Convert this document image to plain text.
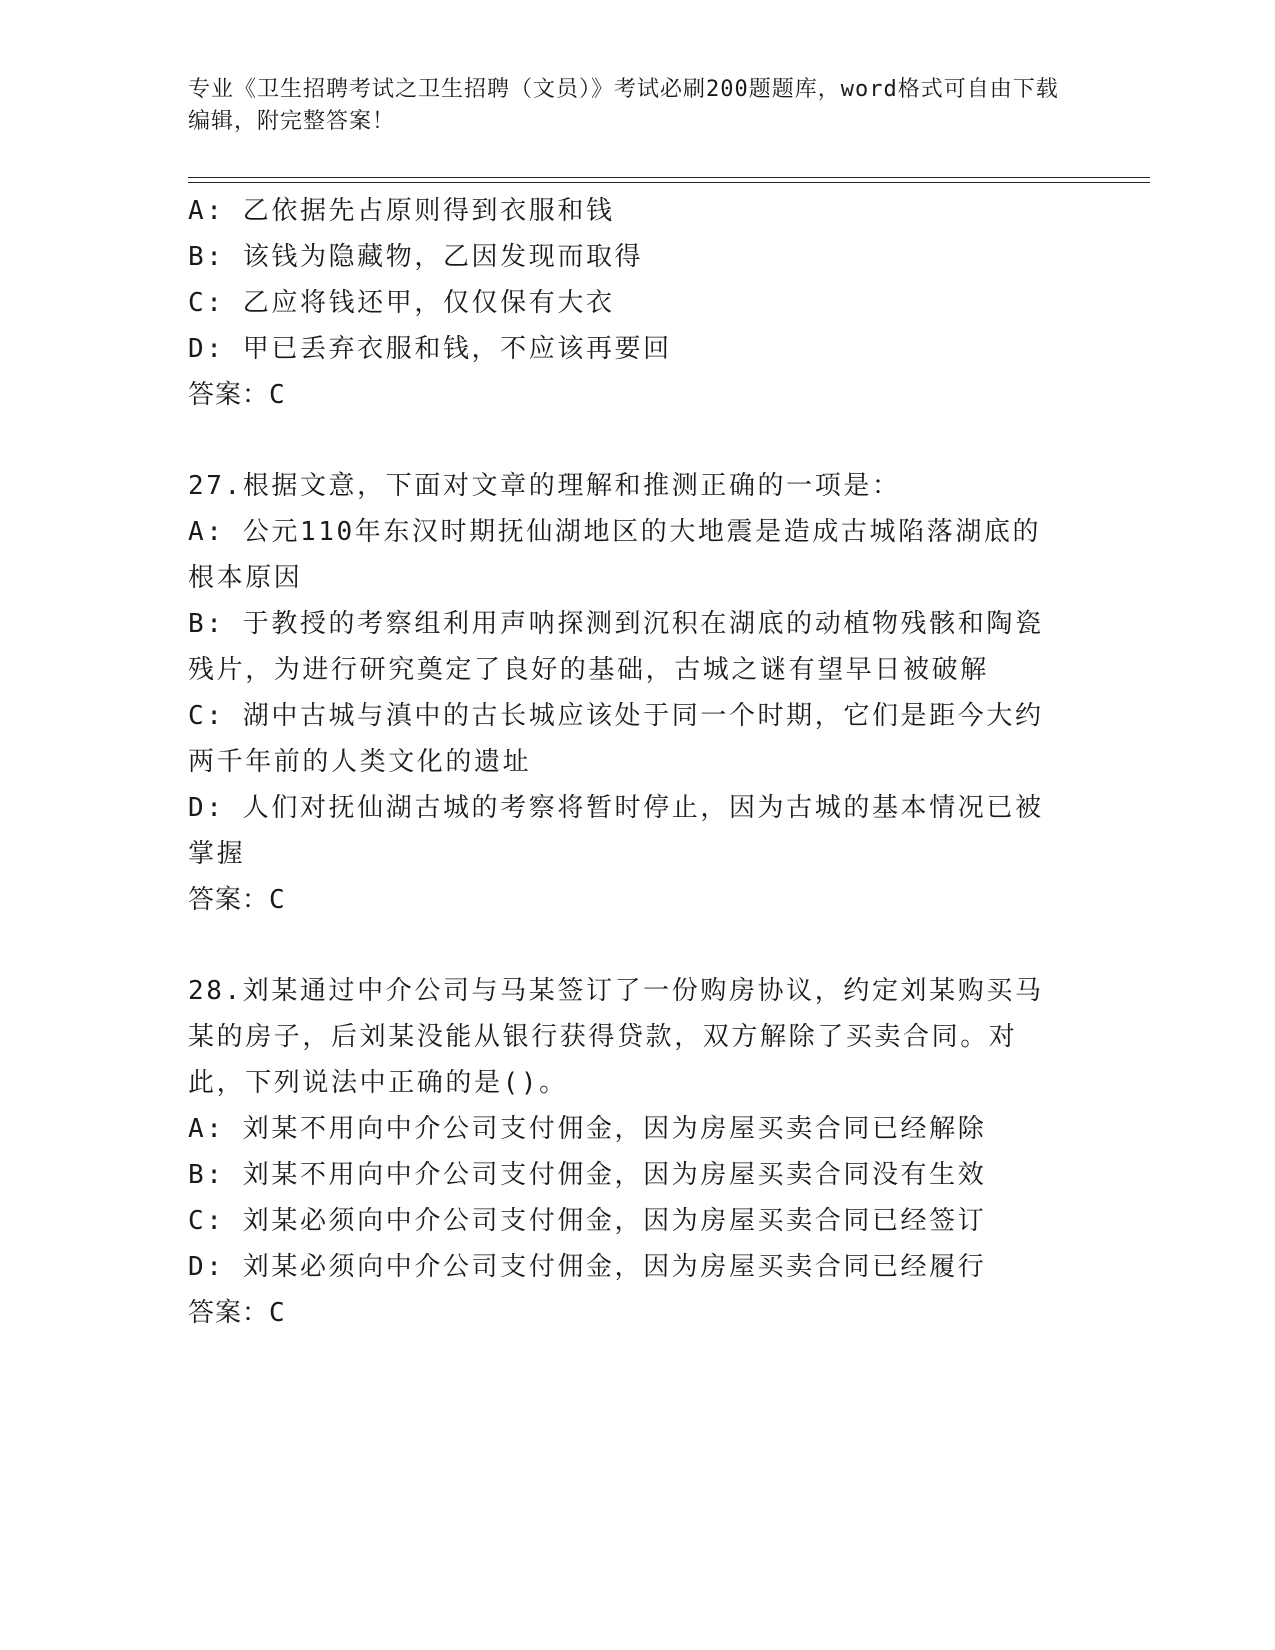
专业《卫生招聘考试之卫生招聘（文员）》考试必刷200题题库，word格式可自由下载编辑，附完整答案！

A: 乙依据先占原则得到衣服和钱

B: 该钱为隐藏物，乙因发现而取得

C: 乙应将钱还甲，仅仅保有大衣

D: 甲已丢弃衣服和钱，不应该再要回

答案：C

27.根据文意，下面对文章的理解和推测正确的一项是：

A: 公元110年东汉时期抚仙湖地区的大地震是造成古城陷落湖底的根本原因

B: 于教授的考察组利用声呐探测到沉积在湖底的动植物残骸和陶瓷残片，为进行研究奠定了良好的基础，古城之谜有望早日被破解

C: 湖中古城与滇中的古长城应该处于同一个时期，它们是距今大约两千年前的人类文化的遗址

D: 人们对抚仙湖古城的考察将暂时停止，因为古城的基本情况已被掌握

答案：C

28.刘某通过中介公司与马某签订了一份购房协议，约定刘某购买马某的房子，后刘某没能从银行获得贷款，双方解除了买卖合同。对此，下列说法中正确的是()。

A: 刘某不用向中介公司支付佣金，因为房屋买卖合同已经解除

B: 刘某不用向中介公司支付佣金，因为房屋买卖合同没有生效

C: 刘某必须向中介公司支付佣金，因为房屋买卖合同已经签订

D: 刘某必须向中介公司支付佣金，因为房屋买卖合同已经履行

答案：C
